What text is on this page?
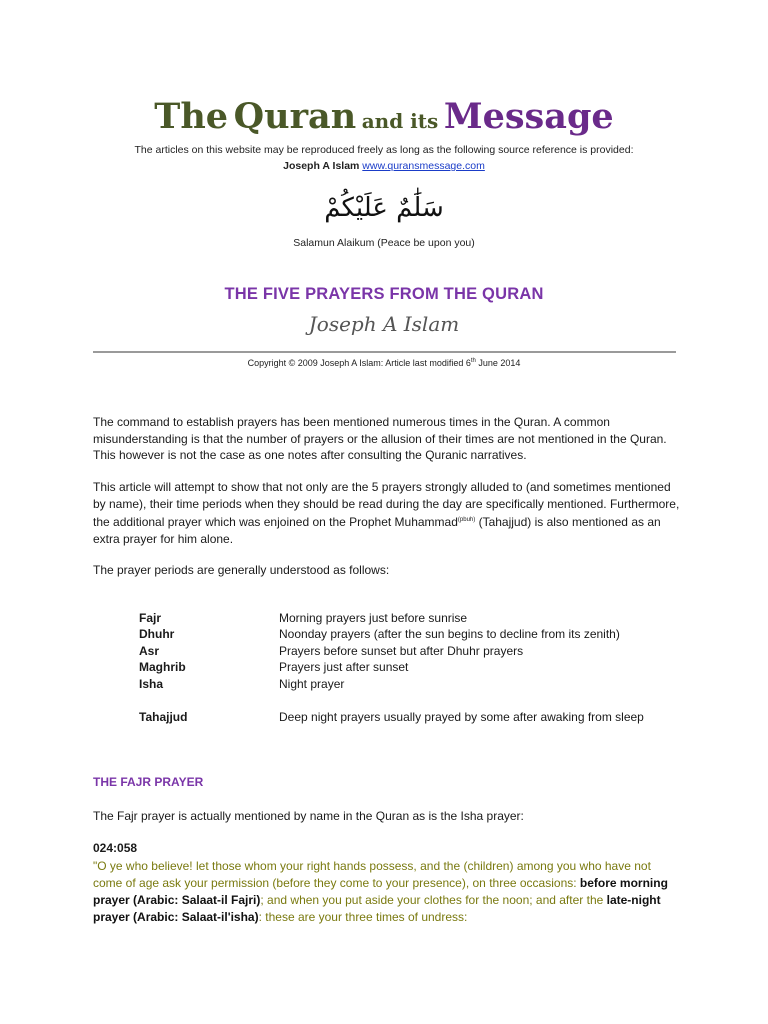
The Quran and its Message
The articles on this website may be reproduced freely as long as the following source reference is provided:
Joseph A Islam www.quransmessage.com
سَلَٰمٌ عَلَيْكُمْ
Salamun Alaikum (Peace be upon you)
THE FIVE PRAYERS FROM THE QURAN
Joseph A Islam
Copyright © 2009 Joseph A Islam: Article last modified 6th June 2014
The command to establish prayers has been mentioned numerous times in the Quran. A common misunderstanding is that the number of prayers or the allusion of their times are not mentioned in the Quran. This however is not the case as one notes after consulting the Quranic narratives.
This article will attempt to show that not only are the 5 prayers strongly alluded to (and sometimes mentioned by name), their time periods when they should be read during the day are specifically mentioned. Furthermore, the additional prayer which was enjoined on the Prophet Muhammad$^{(pbuh)}$ (Tahajjud) is also mentioned as an extra prayer for him alone.
The prayer periods are generally understood as follows:
Fajr	Morning prayers just before sunrise
Dhuhr	Noonday prayers (after the sun begins to decline from its zenith)
Asr	Prayers before sunset but after Dhuhr prayers
Maghrib	Prayers just after sunset
Isha	Night prayer
Tahajjud	Deep night prayers usually prayed by some after awaking from sleep
THE FAJR PRAYER
The Fajr prayer is actually mentioned by name in the Quran as is the Isha prayer:
024:058
"O ye who believe! let those whom your right hands possess, and the (children) among you who have not come of age ask your permission (before they come to your presence), on three occasions: before morning prayer (Arabic: Salaat-il Fajri); and when you put aside your clothes for the noon; and after the late-night prayer (Arabic: Salaat-il'isha): these are your three times of undress:
